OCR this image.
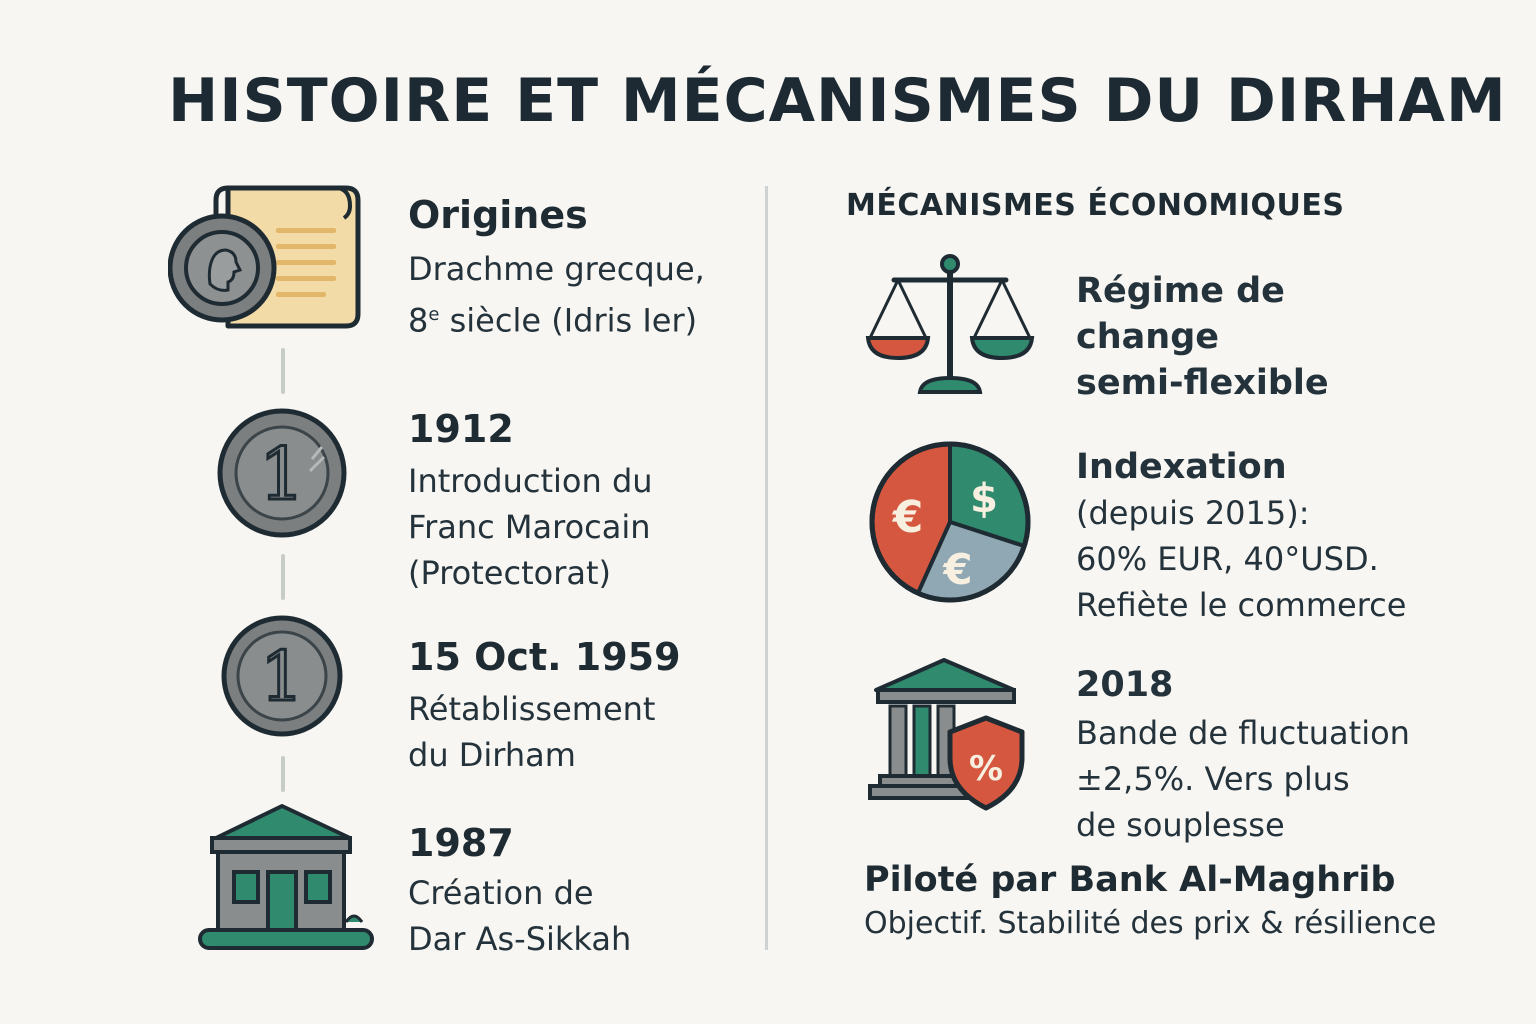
HISTOIRE ET MÉCANISMES DU DIRHAM
Origines
Drachme grecque,
8e siècle (Idris Ier)
1
1912
Introduction du
Franc Marocain
(Protectorat)
1	15 Oct. 1959
Rétablissement
du Dirham
1987
Création de
Dar As-Sikkah
MÉCANISMES ÉCONOMIQUES
Régime de
change
semi-flexible
€ $
€
Indexation
(depuis 2015):
60% EUR, 40°USD.
Refiète le commerce
%
2018
Bande de fluctuation
±2,5%. Vers plus
de souplesse
Piloté par Bank Al-Maghrib
Objectif. Stabilité des prix & résilience
